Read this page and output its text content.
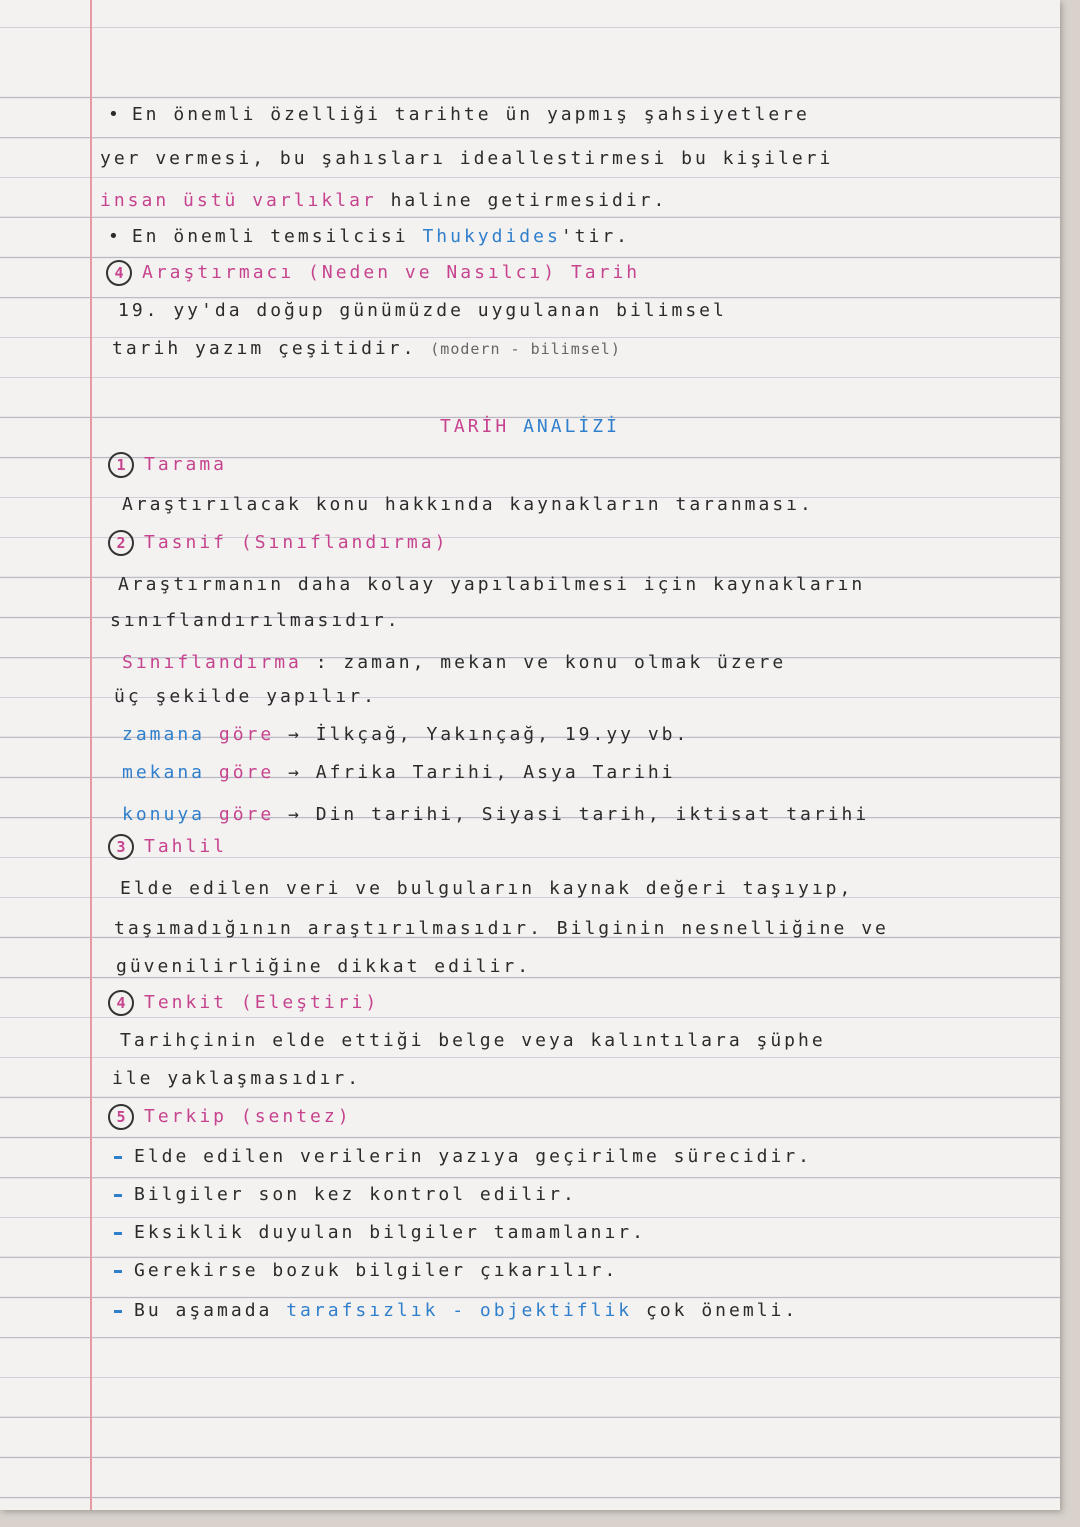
• En önemli özelliği tarihte ün yapmış şahsiyetlere
yer vermesi, bu şahısları ideallestirmesi bu kişileri
insan üstü varlıklar haline getirmesidir.
• En önemli temsilcisi Thukydides'tir.
4 Araştırmacı (Neden ve Nasılcı) Tarih
19. yy'da doğup günümüzde uygulanan bilimsel
tarih yazım çeşitidir. (modern - bilimsel)
TARİH ANALİZİ
1 Tarama
Araştırılacak konu hakkında kaynakların taranması.
2 Tasnif (Sınıflandırma)
Araştırmanın daha kolay yapılabilmesi için kaynakların
sınıflandırılmasıdır.
Sınıflandırma : zaman, mekan ve konu olmak üzere
üç şekilde yapılır.
zamana göre → İlkçağ, Yakınçağ, 19.yy vb.
mekana göre → Afrika Tarihi, Asya Tarihi
konuya göre → Din tarihi, Siyasi tarih, iktisat tarihi
3 Tahlil
Elde edilen veri ve bulguların kaynak değeri taşıyıp,
taşımadığının araştırılmasıdır. Bilginin nesnelliğine ve
güvenilirliğine dikkat edilir.
4 Tenkit (Eleştiri)
Tarihçinin elde ettiği belge veya kalıntılara şüphe
ile yaklaşmasıdır.
5 Terkip (sentez)
Elde edilen verilerin yazıya geçirilme sürecidir.
Bilgiler son kez kontrol edilir.
Eksiklik duyulan bilgiler tamamlanır.
Gerekirse bozuk bilgiler çıkarılır.
Bu aşamada tarafsızlık - objektiflik çok önemli.
